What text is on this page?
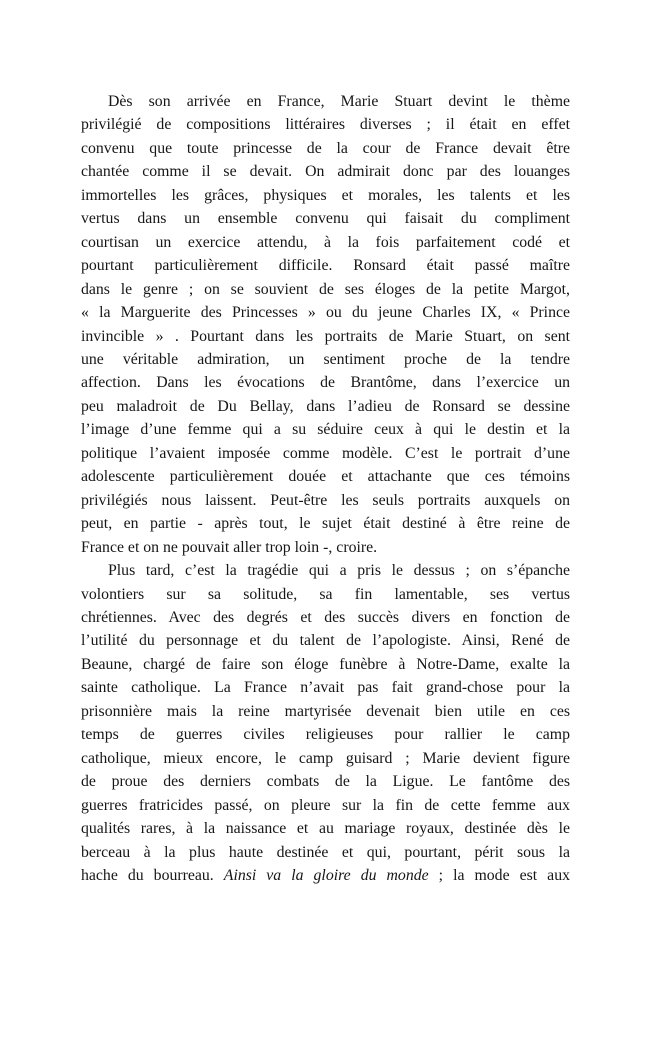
Dès son arrivée en France, Marie Stuart devint le thème
privilégié de compositions littéraires diverses ; il était en effet
convenu que toute princesse de la cour de France devait être
chantée comme il se devait. On admirait donc par des louanges
immortelles les grâces, physiques et morales, les talents et les
vertus dans un ensemble convenu qui faisait du compliment
courtisan un exercice attendu, à la fois parfaitement codé et
pourtant particulièrement difficile. Ronsard était passé maître
dans le genre ; on se souvient de ses éloges de la petite Margot,
« la Marguerite des Princesses » ou du jeune Charles IX, « Prince
invincible » . Pourtant dans les portraits de Marie Stuart, on sent
une véritable admiration, un sentiment proche de la tendre
affection. Dans les évocations de Brantôme, dans l’exercice un
peu maladroit de Du Bellay, dans l’adieu de Ronsard se dessine
l’image d’une femme qui a su séduire ceux à qui le destin et la
politique l’avaient imposée comme modèle. C’est le portrait d’une
adolescente particulièrement douée et attachante que ces témoins
privilégiés nous laissent. Peut-être les seuls portraits auxquels on
peut, en partie - après tout, le sujet était destiné à être reine de
France et on ne pouvait aller trop loin -, croire.
Plus tard, c’est la tragédie qui a pris le dessus ; on s’épanche
volontiers sur sa solitude, sa fin lamentable, ses vertus
chrétiennes. Avec des degrés et des succès divers en fonction de
l’utilité du personnage et du talent de l’apologiste. Ainsi, René de
Beaune, chargé de faire son éloge funèbre à Notre-Dame, exalte la
sainte catholique. La France n’avait pas fait grand-chose pour la
prisonnière mais la reine martyrisée devenait bien utile en ces
temps de guerres civiles religieuses pour rallier le camp
catholique, mieux encore, le camp guisard ; Marie devient figure
de proue des derniers combats de la Ligue. Le fantôme des
guerres fratricides passé, on pleure sur la fin de cette femme aux
qualités rares, à la naissance et au mariage royaux, destinée dès le
berceau à la plus haute destinée et qui, pourtant, périt sous la
hache du bourreau. Ainsi va la gloire du monde ; la mode est aux
